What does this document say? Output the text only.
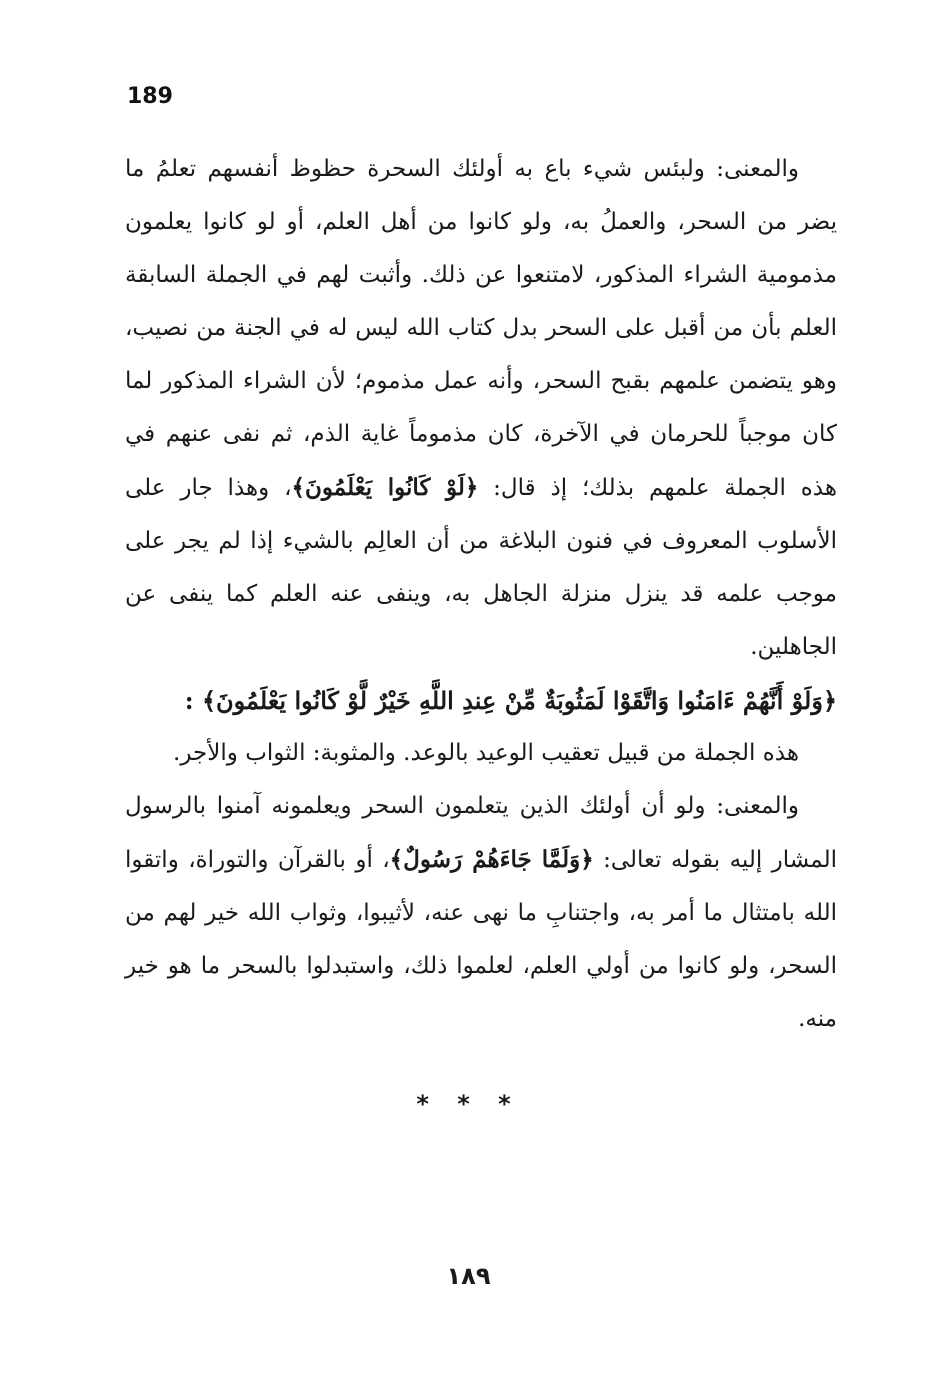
189

والمعنى: ولبئس شيء باع به أولئك السحرة حظوظ أنفسهم تعلمُ ما يضر من السحر، والعملُ به، ولو كانوا من أهل العلم، أو لو كانوا يعلمون مذمومية الشراء المذكور، لامتنعوا عن ذلك. وأثبت لهم في الجملة السابقة العلم بأن من أقبل على السحر بدل كتاب الله ليس له في الجنة من نصيب، وهو يتضمن علمهم بقبح السحر، وأنه عمل مذموم؛ لأن الشراء المذكور لما كان موجباً للحرمان في الآخرة، كان مذموماً غاية الذم، ثم نفى عنهم في هذه الجملة علمهم بذلك؛ إذ قال: ﴿لَوْ كَانُوا يَعْلَمُونَ﴾، وهذا جار على الأسلوب المعروف في فنون البلاغة من أن العالِم بالشيء إذا لم يجر على موجب علمه قد ينزل منزلة الجاهل به، وينفى عنه العلم كما ينفى عن الجاهلين.

﴿وَلَوْ أَنَّهُمْ ءَامَنُوا وَاتَّقَوْا لَمَثُوبَةٌ مِّنْ عِندِ اللَّهِ خَيْرٌ لَّوْ كَانُوا يَعْلَمُونَ﴾ :

هذه الجملة من قبيل تعقيب الوعيد بالوعد. والمثوبة: الثواب والأجر.

والمعنى: ولو أن أولئك الذين يتعلمون السحر ويعلمونه آمنوا بالرسول المشار إليه بقوله تعالى: ﴿وَلَمَّا جَاءَهُمْ رَسُولٌ﴾، أو بالقرآن والتوراة، واتقوا الله بامتثال ما أمر به، واجتنابِ ما نهى عنه، لأثيبوا، وثواب الله خير لهم من السحر، ولو كانوا من أولي العلم، لعلموا ذلك، واستبدلوا بالسحر ما هو خير منه.

* * *

١٨٩
